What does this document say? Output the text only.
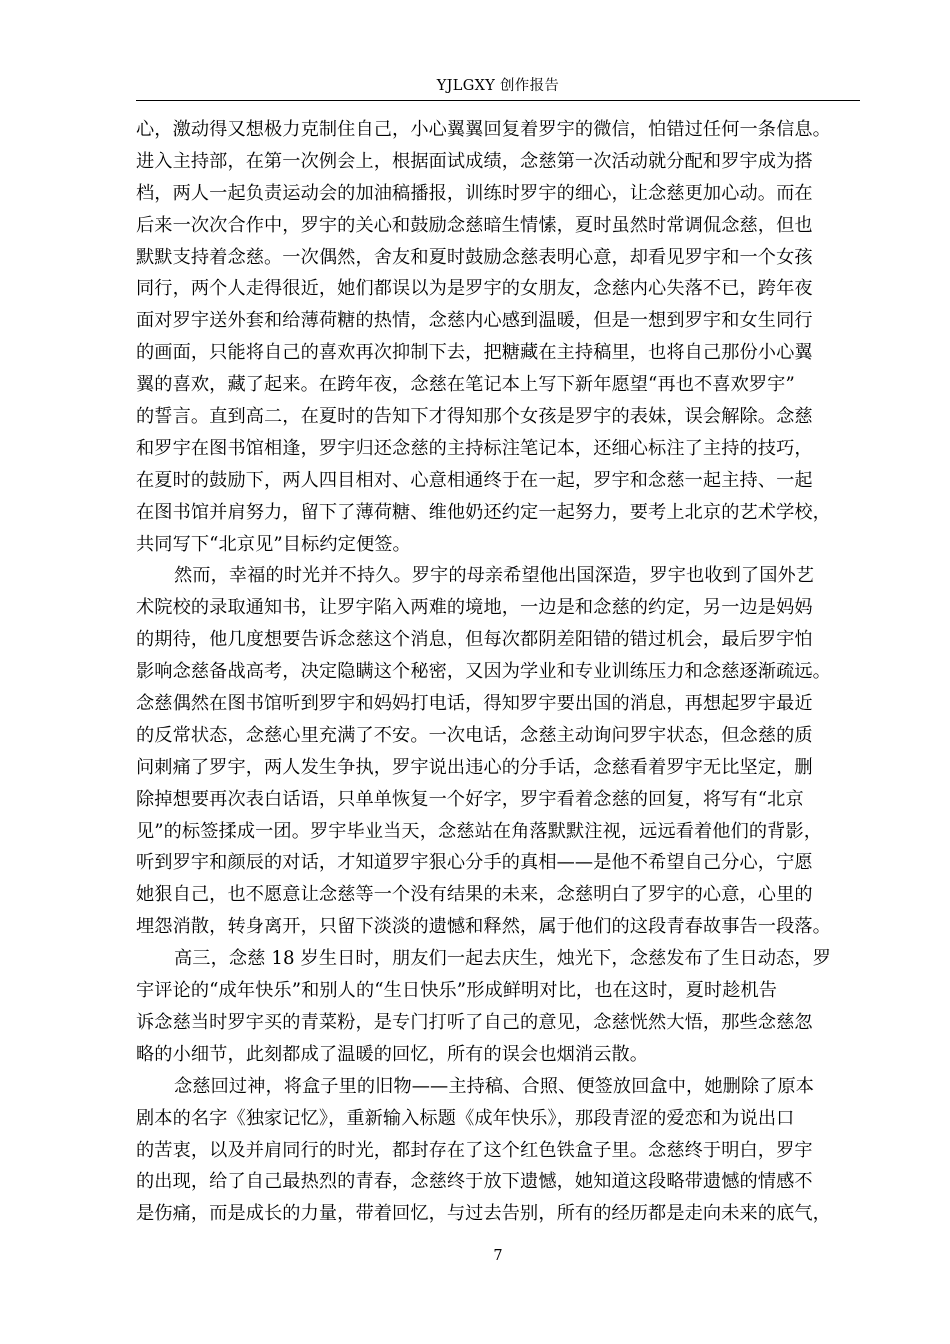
YJLGXY 创作报告
心，激动得又想极力克制住自己，小心翼翼回复着罗宇的微信，怕错过任何一条信息。
进入主持部，在第一次例会上，根据面试成绩，念慈第一次活动就分配和罗宇成为搭
档，两人一起负责运动会的加油稿播报，训练时罗宇的细心，让念慈更加心动。而在
后来一次次合作中，罗宇的关心和鼓励念慈暗生情愫，夏时虽然时常调侃念慈，但也
默默支持着念慈。一次偶然，舍友和夏时鼓励念慈表明心意，却看见罗宇和一个女孩
同行，两个人走得很近，她们都误以为是罗宇的女朋友，念慈内心失落不已，跨年夜
面对罗宇送外套和给薄荷糖的热情，念慈内心感到温暖，但是一想到罗宇和女生同行
的画面，只能将自己的喜欢再次抑制下去，把糖藏在主持稿里，也将自己那份小心翼
翼的喜欢，藏了起来。在跨年夜，念慈在笔记本上写下新年愿望“再也不喜欢罗宇”
的誓言。直到高二，在夏时的告知下才得知那个女孩是罗宇的表妹，误会解除。念慈
和罗宇在图书馆相逢，罗宇归还念慈的主持标注笔记本，还细心标注了主持的技巧，
在夏时的鼓励下，两人四目相对、心意相通终于在一起，罗宇和念慈一起主持、一起
在图书馆并肩努力，留下了薄荷糖、维他奶还约定一起努力，要考上北京的艺术学校，
共同写下“北京见”目标约定便签。
然而，幸福的时光并不持久。罗宇的母亲希望他出国深造，罗宇也收到了国外艺
术院校的录取通知书，让罗宇陷入两难的境地，一边是和念慈的约定，另一边是妈妈
的期待，他几度想要告诉念慈这个消息，但每次都阴差阳错的错过机会，最后罗宇怕
影响念慈备战高考，决定隐瞒这个秘密，又因为学业和专业训练压力和念慈逐渐疏远。
念慈偶然在图书馆听到罗宇和妈妈打电话，得知罗宇要出国的消息，再想起罗宇最近
的反常状态，念慈心里充满了不安。一次电话，念慈主动询问罗宇状态，但念慈的质
问刺痛了罗宇，两人发生争执，罗宇说出违心的分手话，念慈看着罗宇无比坚定，删
除掉想要再次表白话语，只单单恢复一个好字，罗宇看着念慈的回复，将写有“北京
见”的标签揉成一团。罗宇毕业当天，念慈站在角落默默注视，远远看着他们的背影，
听到罗宇和颜辰的对话，才知道罗宇狠心分手的真相——是他不希望自己分心，宁愿
她狠自己，也不愿意让念慈等一个没有结果的未来，念慈明白了罗宇的心意，心里的
埋怨消散，转身离开，只留下淡淡的遗憾和释然，属于他们的这段青春故事告一段落。
高三，念慈 18 岁生日时，朋友们一起去庆生，烛光下，念慈发布了生日动态，罗
宇评论的“成年快乐”和别人的“生日快乐”形成鲜明对比，也在这时，夏时趁机告
诉念慈当时罗宇买的青菜粉，是专门打听了自己的意见，念慈恍然大悟，那些念慈忽
略的小细节，此刻都成了温暖的回忆，所有的误会也烟消云散。
念慈回过神，将盒子里的旧物——主持稿、合照、便签放回盒中，她删除了原本
剧本的名字《独家记忆》，重新输入标题《成年快乐》，那段青涩的爱恋和为说出口
的苦衷，以及并肩同行的时光，都封存在了这个红色铁盒子里。念慈终于明白，罗宇
的出现，给了自己最热烈的青春，念慈终于放下遗憾，她知道这段略带遗憾的情感不
是伤痛，而是成长的力量，带着回忆，与过去告别，所有的经历都是走向未来的底气，
7
